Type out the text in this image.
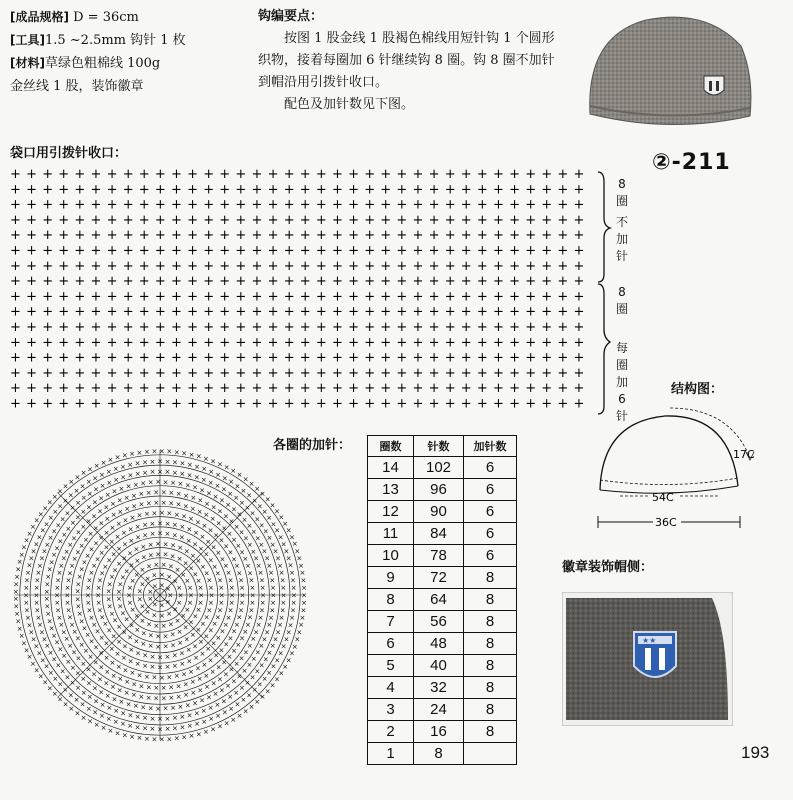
[成品规格] D = 36cm
[工具]1.5 ~2.5mm 钩针 1 枚
[材料]草绿色粗棉线 100g
金丝线 1 股，装饰徽章

钩编要点：

按图 1 股金线 1 股褐色棉线用短针钩 1 个圆形织物，接着每圈加 6 针继续钩 8 圈。钩 8 圈不加针到帽沿用引拨针收口。

配色及加针数见下图。

袋口用引拨针收口：	②-211
+ + + + + + + + + + + + + + + + + + + + + + + + + + + + + + + + + + + +
+ + + + + + + + + + + + + + + + + + + + + + + + + + + + + + + + + + + +
+ + + + + + + + + + + + + + + + + + + + + + + + + + + + + + + + + + + +
+ + + + + + + + + + + + + + + + + + + + + + + + + + + + + + + + + + + +
+ + + + + + + + + + + + + + + + + + + + + + + + + + + + + + + + + + + +
+ + + + + + + + + + + + + + + + + + + + + + + + + + + + + + + + + + + +
+ + + + + + + + + + + + + + + + + + + + + + + + + + + + + + + + + + + +
+ + + + + + + + + + + + + + + + + + + + + + + + + + + + + + + + + + + +
+ + + + + + + + + + + + + + + + + + + + + + + + + + + + + + + + + + + +
+ + + + + + + + + + + + + + + + + + + + + + + + + + + + + + + + + + + +
+ + + + + + + + + + + + + + + + + + + + + + + + + + + + + + + + + + + +
+ + + + + + + + + + + + + + + + + + + + + + + + + + + + + + + + + + + +
+ + + + + + + + + + + + + + + + + + + + + + + + + + + + + + + + + + + +
+ + + + + + + + + + + + + + + + + + + + + + + + + + + + + + + + + + + +
+ + + + + + + + + + + + + + + + + + + + + + + + + + + + + + + + + + + +
+ + + + + + + + + + + + + + + + + + + + + + + + + + + + + + + + + + + +
8圈
不加针
8圈
每圈加6针
×
×
×
×
×
×
× × ×
×
×
×
×
×
×
×
×
×
×
×
× × × ×
×
×
×
×
×
×
×
×
×
×
×
×
×
×
×
×
×
×
×
× × × × × ×
×
×
×
×
×
×
×
×
×
×
×
×
×
×
×
×
×
×
×
×
×
×
×
×
×
×
× × × × × × ×
×
×
×
×
×
×
×
×
×
×
×
×
×
×
×
×
×
×
×
×
×
×
×
×
×
×
×
×
×
×
×
×
×
× × × × × × × × ×
×
×
×
×
×
×
×
×
×
×
×
×
×
×
×
×
×
×
×
×
×
×
×
×
×
×
×
×
×
×
×
×
×
×
×
×
×
×
×
×
× × × × × × × × × × ×
×
×
×
×
×
×
×
×
×
×
×
×
×
×
×
×
×
×
×
×
×
×
×
×
×
×
×
×
×
×
×
×
×
×
×
×
×
×
×
×
×
×
×
×
×
×
×
× × × × × × × × × × ×
×
×
×
×
×
×
×
×
×
×
×
×
×
×
×
×
×
×
×
×
×
×
×
×
×
×
×
×
×
×
×
×
×
×
×
×
×
×
×
×
×
×
×
×
×
×
×
×
×
×
×
×
×
×
×
× × × × × × × × × × × × ×
×
×
×
×
×
×
×
×
×
×
×
×
×
×
×
×
×
×
×
×
×
×
×
×
×
×
×
×
×
×
×
×
×
×
×
×
×
×
×
×
×
×
×
×
×
×
×
×
×
×
×
×
×
×
×
×
×
×
×
×
×
× × × × × × × × × × × × × × × ×
×
×
×
×
×
×
×
×
×
×
×
×
×
×
×
×
×
×
×
×
×
×
×
×
×
×
×
×
×
×
×
×
×
×
×
×
×
×
×
×
×
×
×
×
×
×
×
×
×
×
×
×
×
×
×
×
×
×
×
×
×
×
×
×
×
×
×
×
× × × × × × × × × × × × × × × ×
×
×
×
×
×
×
×
×
×
×
×
×
×
×
×
×
×
×
×
×
×
×
×
×
×
×
×
×
×
×
×
×
×
×
×
×
×
×
×
×
×
×
×
×
×
×
×
×
×
×
×
×
×
×
×
×
×
×
×
×
×
×
×
×
×
×
×
×
×
×
×
×
×
×
×
×
× × × × × × × × × × × × × × × × × ×
×
×
×
×
×
×
×
×
×
×
×
×
×
×
×
×
×
×
×
×
×
×
×
×
×
×
×
×
×
×
×
×
×
×
×
×
×
×
×
×
×
×
×
×
×
×
×
×
×
×
×
×
×
×
×
×
×
×
×
×
×
×
×
×
×
×
×
×
×
×
×
×
×
×
×
×
×
×
×
×
×
×
×
× × × × × × × × × × × × × × × × × × ×
×
×
×
×
×
×
×
×
×
×
×
×
×
×
×
×
×
×
×
×
×
×
×
×
×
×
×
×
×
×
×
×
×
×
×
×
×
×
×
×
×
×
×
×
×
×
×
×
×
×
×
×
×
×
×
×
×
×
×
×
×
×
×
×
×
×
×
×
×
×
×
×
×
×
×
×
×
×
×
×
×
×
×
×
×
×
×
×
×
×
× × × × × × × × × × × × × × × × × × × × ×
×
×
×
×
×
×
×
×
×
×
×
×
×
×
×
×
×
×
×
×
×
×
×
×
×
×
×
×
×
×
×
×
×
×
×
×
×
×
×
×
×
×
×
×
×
×
×
×
×
×
×
×
×
×
×
×
×
×
×
×
×
×
×
×
×
×
×
×
×
×
×
×
×
×
×
×
×
×
×
×
×
×
×
×
×
×
×
×
×
×
×
×
×
×
×
×
×
× × × × × × × × × × × × × × × × × × × × × × ×
×
×
×
×
×
×
×
×
×
×
×
×
×
×
×
×
×
×
各圈的加针：	圈数	针数	加针数
14	102	6
13	96	6
12	90	6
11	84	6
10	78	6
9	72	8
8	64	8
7	56	8
6	48	8
5	40	8
4	32	8
3	24	8
2	16	8
1	8	
结构图：
17C
54C
36C
徽章装饰帽侧：
★★
193
